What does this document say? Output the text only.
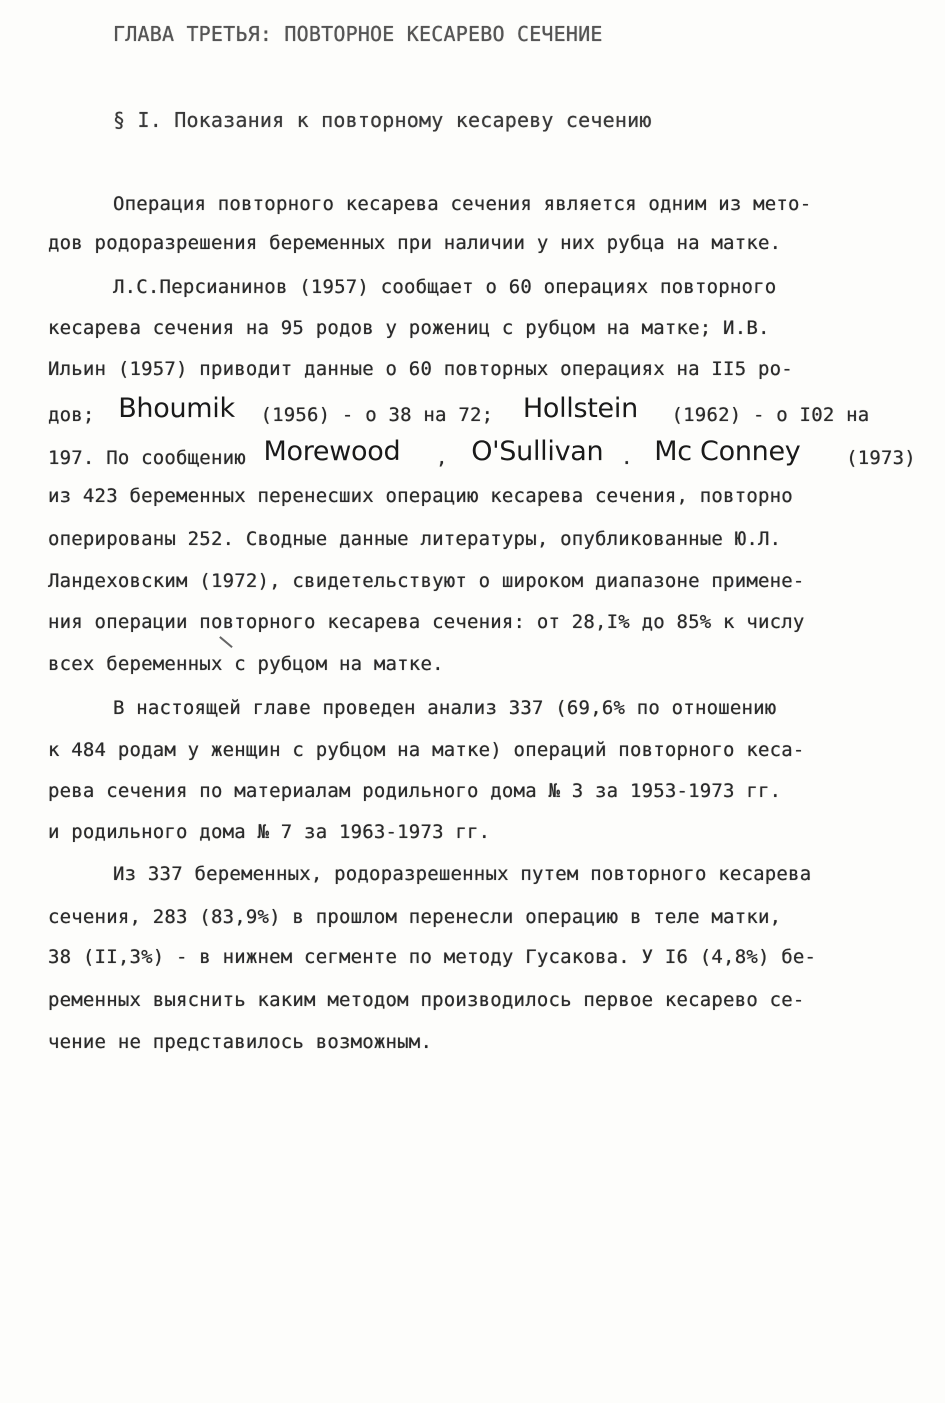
ГЛАВА ТРЕТЬЯ: ПОВТОРНОЕ КЕСАРЕВО СЕЧЕНИЕ
§ I. Показания к повторному кесареву сечению
Операция повторного кесарева сечения является одним из мето-
дов родоразрешения беременных при наличии у них рубца на матке.
Л.С.Персианинов (1957) сообщает о 60 операциях повторного
кесарева сечения на 95 родов у рожениц с рубцом на матке; И.В.
Ильин (1957) приводит данные о 60 повторных операциях на II5 ро-
дов; Bhoumik (1956) - о 38 на 72; Hollstein (1962) - о I02 на
197. По сообщению Morewood , O'Sullivan . Mc Conney (1973)
из 423 беременных перенесших операцию кесарева сечения, повторно
оперированы 252. Сводные данные литературы, опубликованные Ю.Л.
Ландеховским (1972), свидетельствуют о широком диапазоне примене-
ния операции повторного кесарева сечения: от 28,I% до 85% к числу
всех беременных с рубцом на матке.
В настоящей главе проведен анализ 337 (69,6% по отношению
к 484 родам у женщин с рубцом на матке) операций повторного кеса-
рева сечения по материалам родильного дома № 3 за 1953-1973 гг.
и родильного дома № 7 за 1963-1973 гг.
Из 337 беременных, родоразрешенных путем повторного кесарева
сечения, 283 (83,9%) в прошлом перенесли операцию в теле матки,
38 (II,3%) - в нижнем сегменте по методу Гусакова. У I6 (4,8%) бе-
ременных выяснить каким методом производилось первое кесарево се-
чение не представилось возможным.
